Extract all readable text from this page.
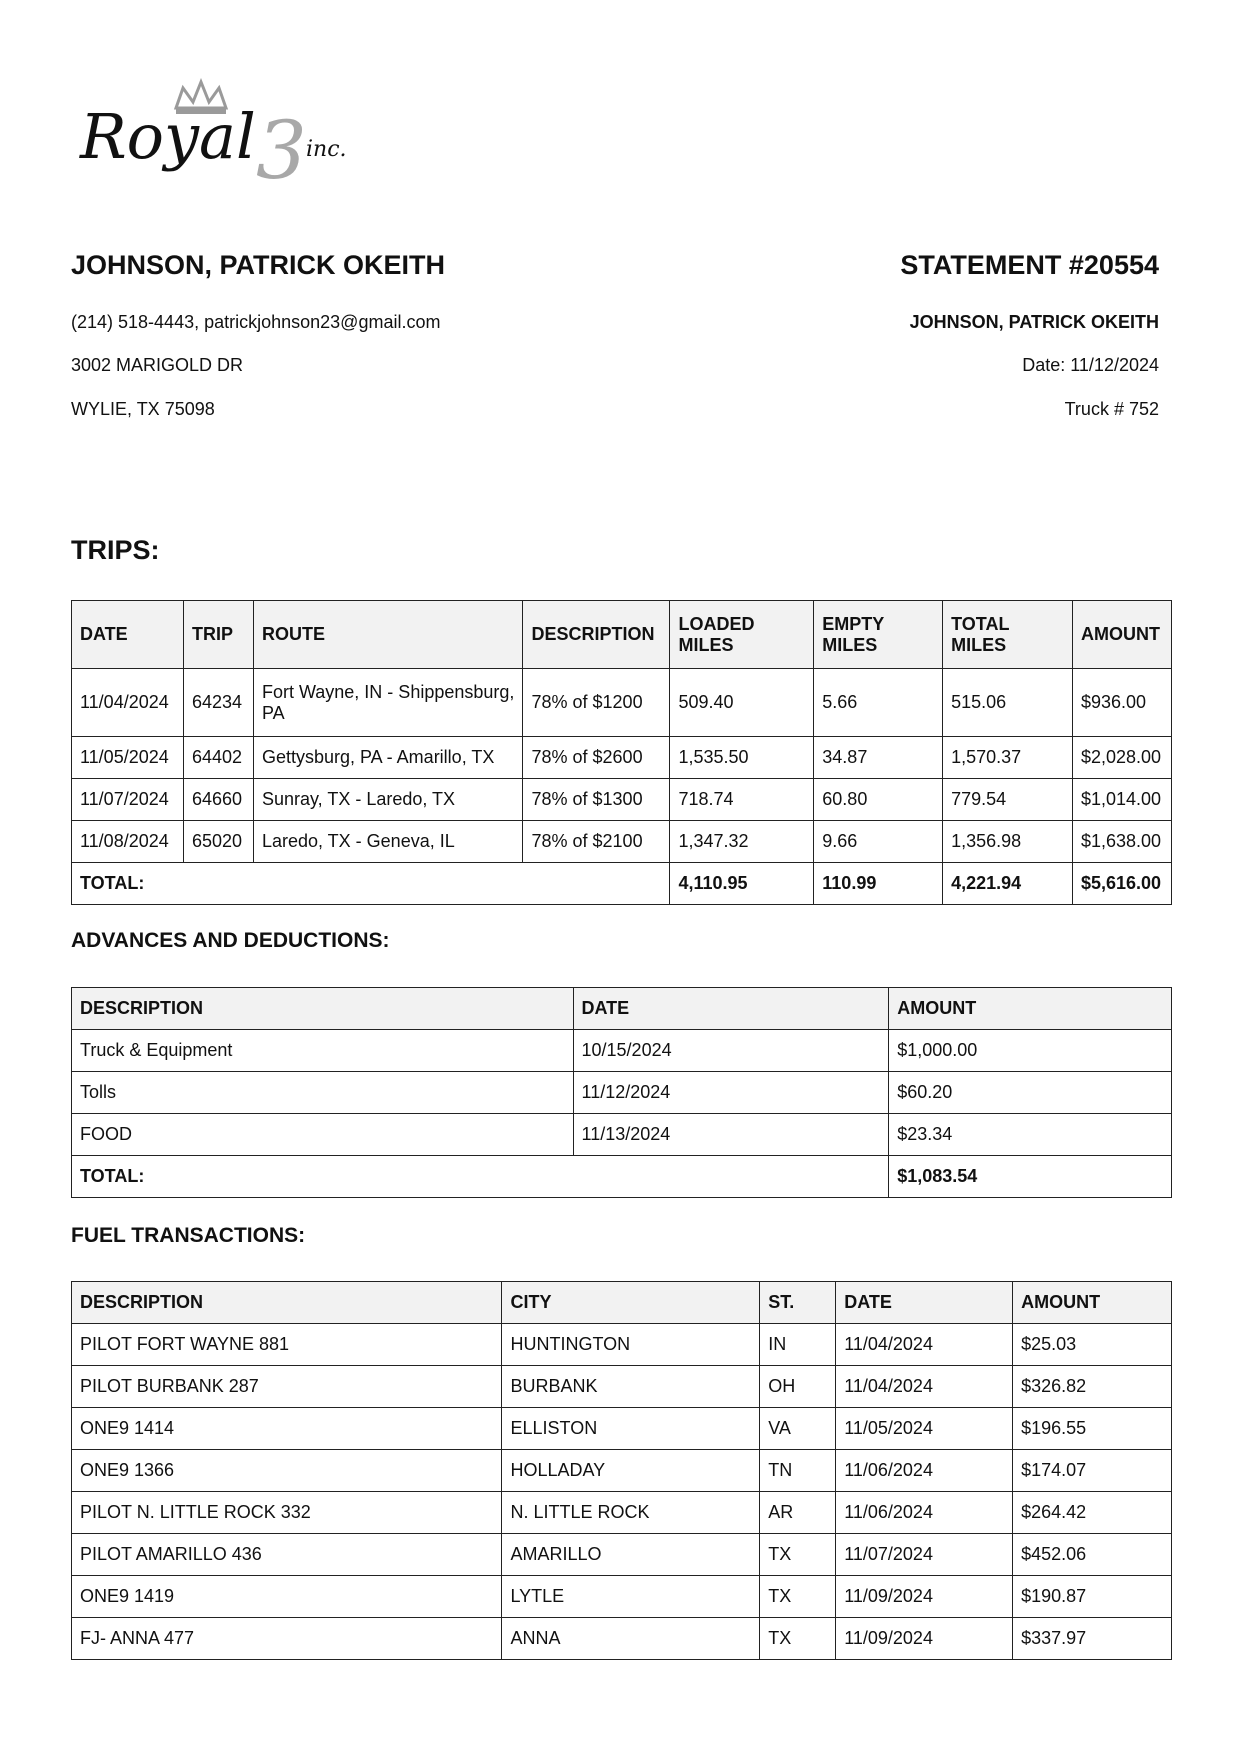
Royal 3 inc.
JOHNSON, PATRICK OKEITH
(214) 518-4443, patrickjohnson23@gmail.com
3002 MARIGOLD DR
WYLIE, TX 75098
STATEMENT #20554
JOHNSON, PATRICK OKEITH
Date: 11/12/2024
Truck # 752
TRIPS:
DATE	TRIP	ROUTE	DESCRIPTION	LOADED MILES	EMPTY MILES	TOTAL MILES	AMOUNT
11/04/2024	64234	Fort Wayne, IN - Shippensburg, PA	78% of $1200	509.40	5.66	515.06	$936.00
11/05/2024	64402	Gettysburg, PA - Amarillo, TX	78% of $2600	1,535.50	34.87	1,570.37	$2,028.00
11/07/2024	64660	Sunray, TX - Laredo, TX	78% of $1300	718.74	60.80	779.54	$1,014.00
11/08/2024	65020	Laredo, TX - Geneva, IL	78% of $2100	1,347.32	9.66	1,356.98	$1,638.00
TOTAL:				4,110.95	110.99	4,221.94	$5,616.00
ADVANCES AND DEDUCTIONS:
DESCRIPTION	DATE	AMOUNT
Truck & Equipment	10/15/2024	$1,000.00
Tolls	11/12/2024	$60.20
FOOD	11/13/2024	$23.34
TOTAL:		$1,083.54
FUEL TRANSACTIONS:
DESCRIPTION	CITY	ST.	DATE	AMOUNT
PILOT FORT WAYNE 881	HUNTINGTON	IN	11/04/2024	$25.03
PILOT BURBANK 287	BURBANK	OH	11/04/2024	$326.82
ONE9 1414	ELLISTON	VA	11/05/2024	$196.55
ONE9 1366	HOLLADAY	TN	11/06/2024	$174.07
PILOT N. LITTLE ROCK 332	N. LITTLE ROCK	AR	11/06/2024	$264.42
PILOT AMARILLO 436	AMARILLO	TX	11/07/2024	$452.06
ONE9 1419	LYTLE	TX	11/09/2024	$190.87
FJ- ANNA 477	ANNA	TX	11/09/2024	$337.97
